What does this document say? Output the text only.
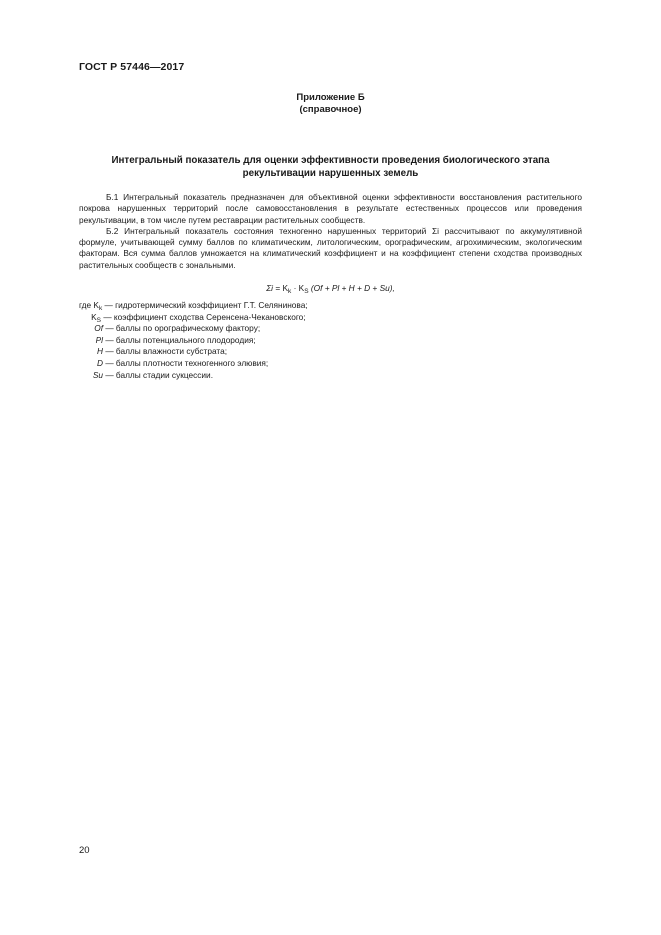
ГОСТ Р 57446—2017
Приложение Б
(справочное)
Интегральный показатель для оценки эффективности проведения биологического этапа
рекультивации нарушенных земель

Б.1 Интегральный показатель предназначен для объективной оценки эффективности восстановления растительного покрова нарушенных территорий после самовосстановления в результате естественных процессов или проведения рекультивации, в том числе путем реставрации растительных сообществ.

Б.2 Интегральный показатель состояния техногенно нарушенных территорий Σi рассчитывают по аккумулятивной формуле, учитывающей сумму баллов по климатическим, литологическим, орографическим, агрохимическим, экологическим факторам. Вся сумма баллов умножается на климатический коэффициент и на коэффициент степени сходства производных растительных сообществ с зональными.

$\Sigma i = K_k \cdot K_S$ (Of + Pl + H + D + Su),
где $K_k$ — гидротермический коэффициент Г.Т. Селянинова;
$K_S$ — коэффициент сходства Серенсена-Чекановского;
Of — баллы по орографическому фактору;
Pl — баллы потенциального плодородия;
H — баллы влажности субстрата;
D — баллы плотности техногенного элювия;
Su — баллы стадии сукцессии.
20
